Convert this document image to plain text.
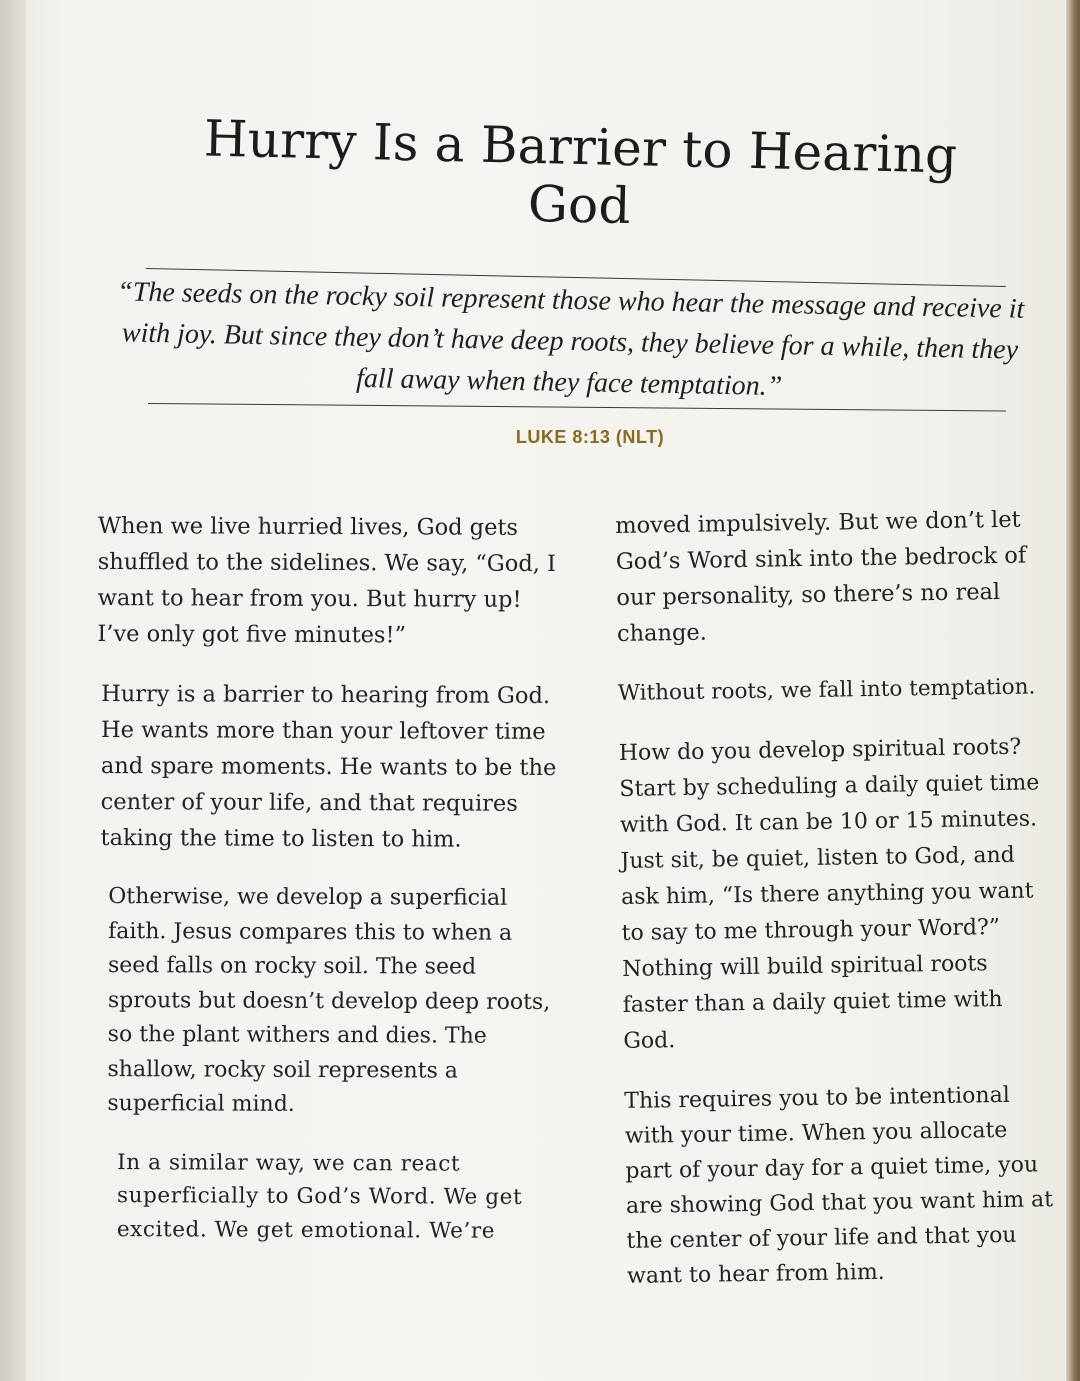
Hurry Is a Barrier to Hearing God

“The seeds on the rocky soil represent those who hear the message and receive it with joy. But since they don’t have deep roots, they believe for a while, then they fall away when they face temptation.”

LUKE 8:13 (NLT)

When we live hurried lives, God gets shuffled to the sidelines. We say, “God, I want to hear from you. But hurry up! I’ve only got five minutes!”

Hurry is a barrier to hearing from God. He wants more than your leftover time and spare moments. He wants to be the center of your life, and that requires taking the time to listen to him.

Otherwise, we develop a superficial faith. Jesus compares this to when a seed falls on rocky soil. The seed sprouts but doesn’t develop deep roots, so the plant withers and dies. The shallow, rocky soil represents a superficial mind.

In a similar way, we can react superficially to God’s Word. We get excited. We get emotional. We’re

moved impulsively. But we don’t let God’s Word sink into the bedrock of our personality, so there’s no real change.

Without roots, we fall into temptation.

How do you develop spiritual roots? Start by scheduling a daily quiet time with God. It can be 10 or 15 minutes. Just sit, be quiet, listen to God, and ask him, “Is there anything you want to say to me through your Word?” Nothing will build spiritual roots faster than a daily quiet time with God.

This requires you to be intentional with your time. When you allocate part of your day for a quiet time, you are showing God that you want him at the center of your life and that you want to hear from him.
